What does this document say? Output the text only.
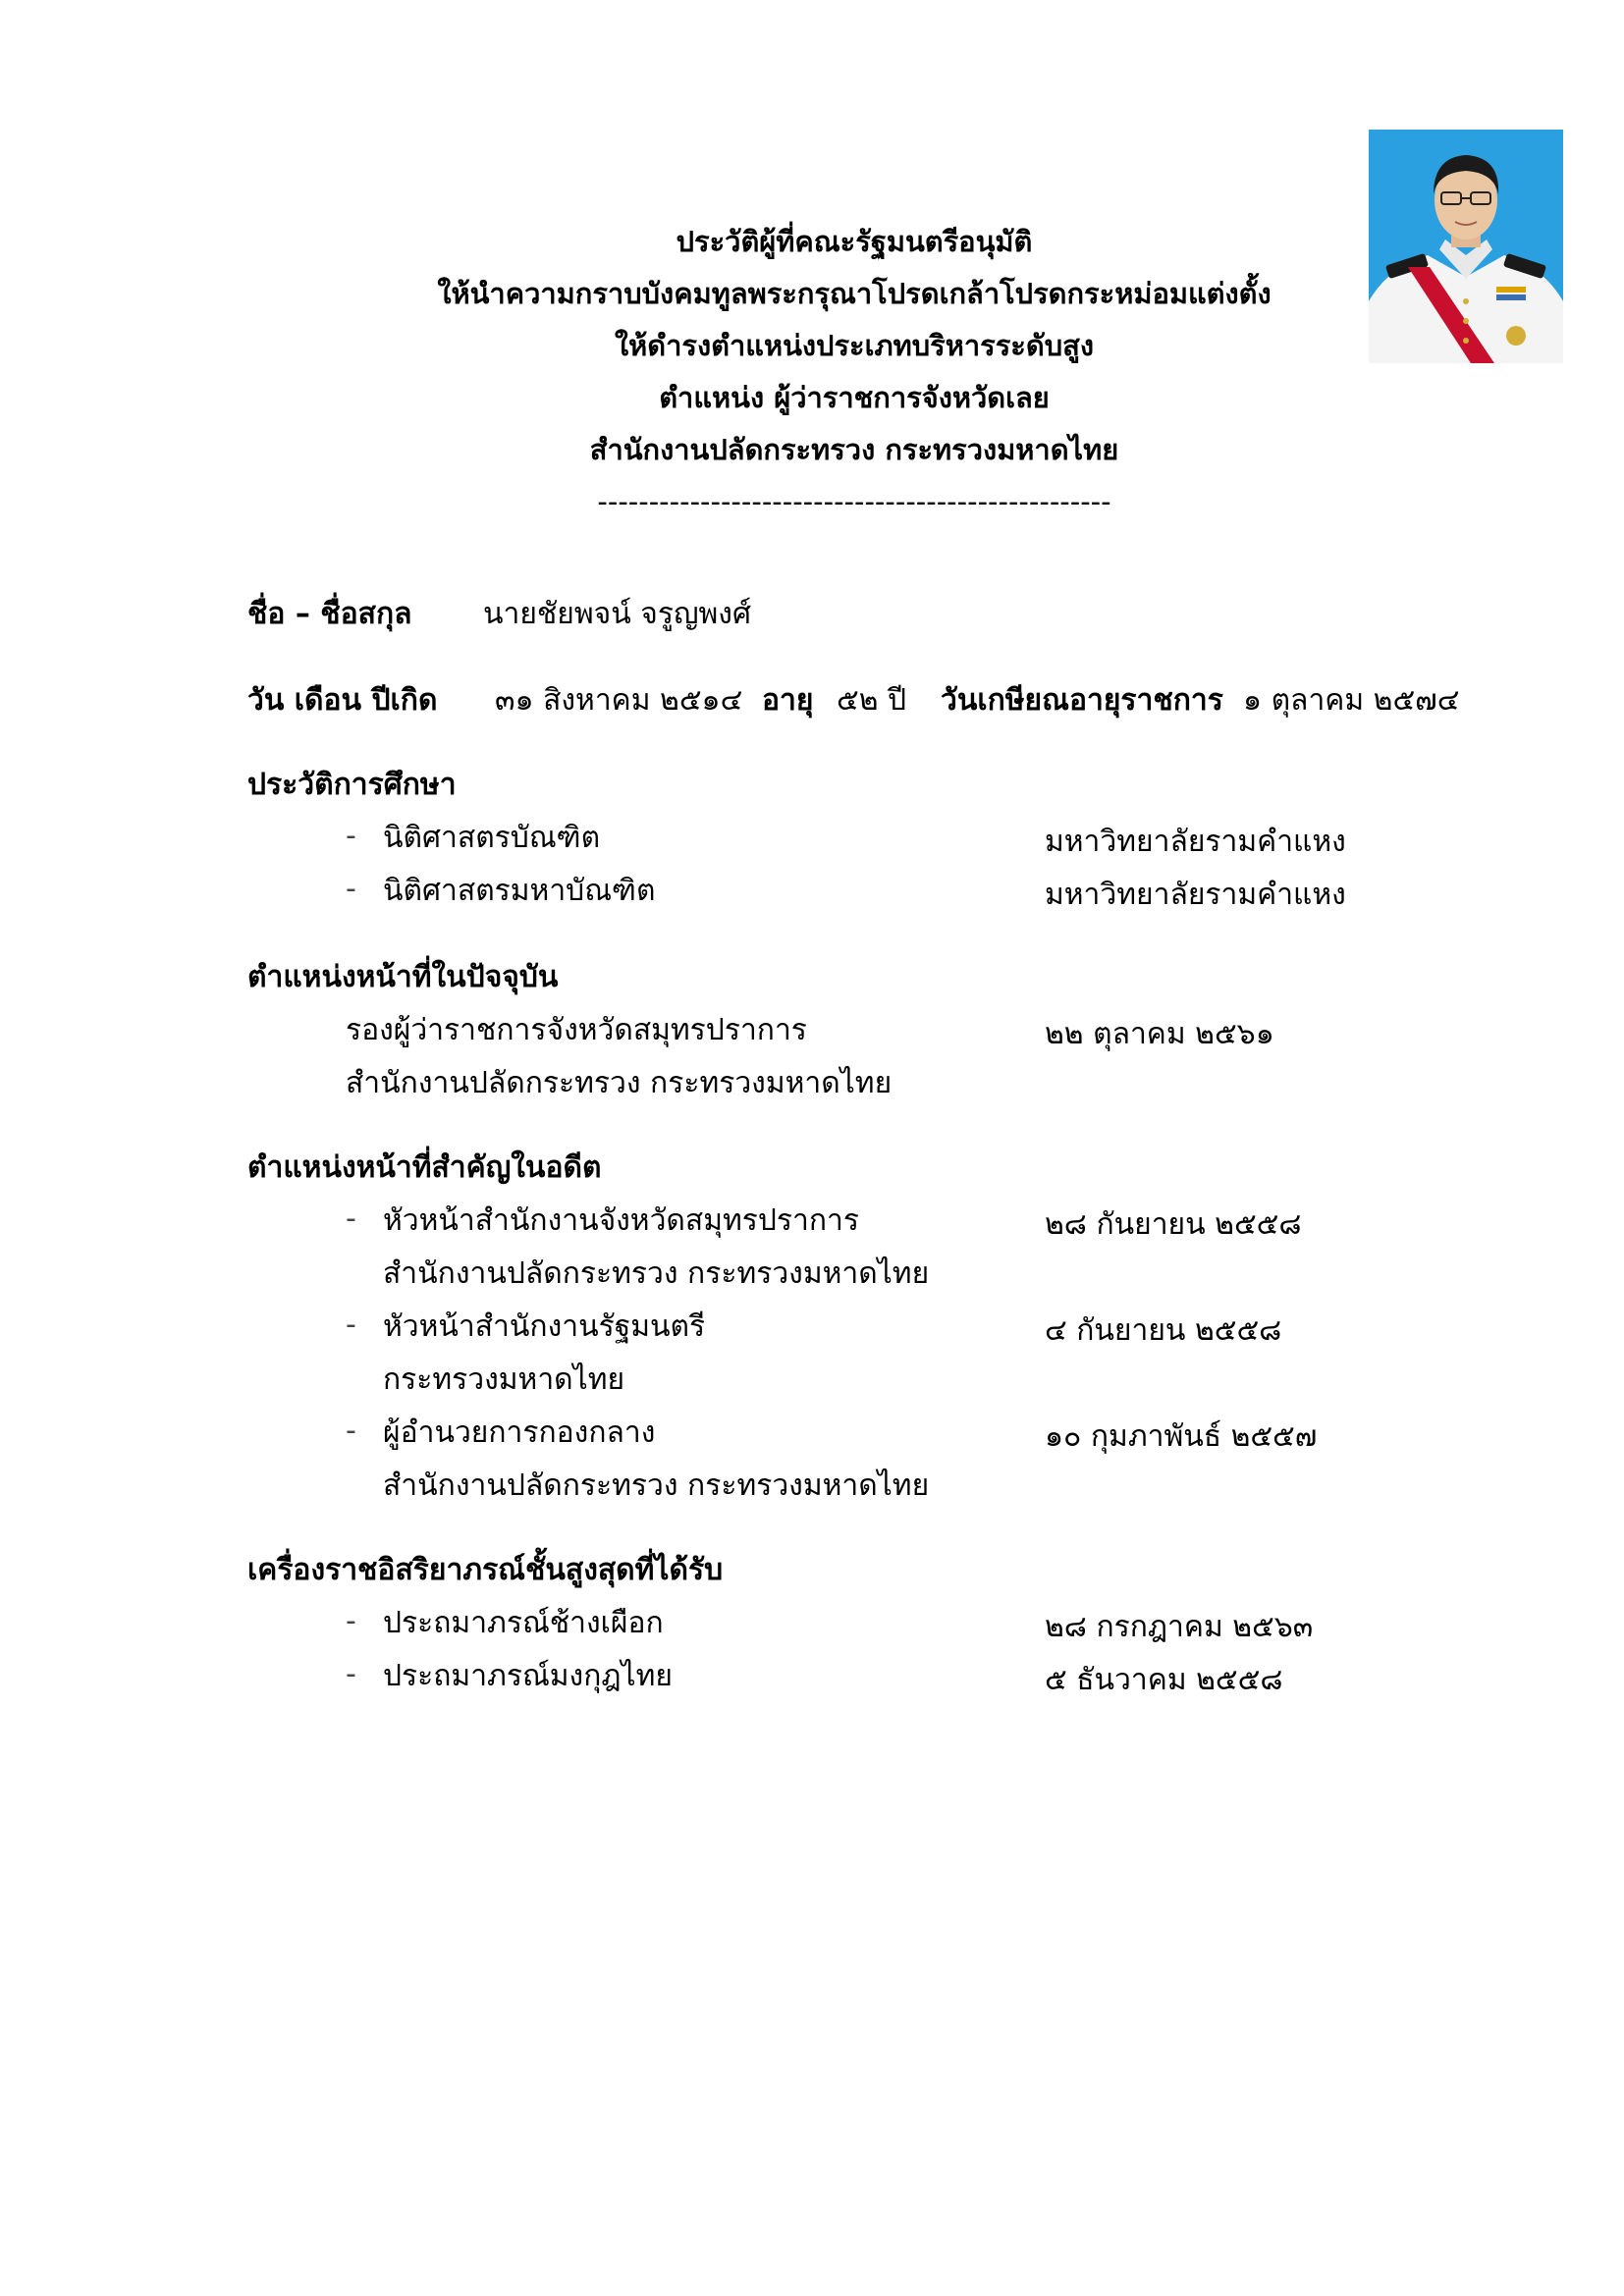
ประวัติผู้ที่คณะรัฐมนตรีอนุมัติ
ให้นำความกราบบังคมทูลพระกรุณาโปรดเกล้าโปรดกระหม่อมแต่งตั้ง
ให้ดำรงตำแหน่งประเภทบริหารระดับสูง
ตำแหน่ง ผู้ว่าราชการจังหวัดเลย
สำนักงานปลัดกระทรวง กระทรวงมหาดไทย
--------------------------------------------------
ชื่อ – ชื่อสกุล นายชัยพจน์ จรูญพงศ์
วัน เดือน ปีเกิด ๓๑ สิงหาคม ๒๕๑๔ อายุ ๕๒ ปี วันเกษียณอายุราชการ ๑ ตุลาคม ๒๕๗๔
ประวัติการศึกษา
- นิติศาสตรบัณฑิต	มหาวิทยาลัยรามคำแหง
- นิติศาสตรมหาบัณฑิต	มหาวิทยาลัยรามคำแหง
ตำแหน่งหน้าที่ในปัจจุบัน
รองผู้ว่าราชการจังหวัดสมุทรปราการ	๒๒ ตุลาคม ๒๕๖๑
สำนักงานปลัดกระทรวง กระทรวงมหาดไทย
ตำแหน่งหน้าที่สำคัญในอดีต
- หัวหน้าสำนักงานจังหวัดสมุทรปราการ	๒๘ กันยายน ๒๕๕๘
สำนักงานปลัดกระทรวง กระทรวงมหาดไทย
- หัวหน้าสำนักงานรัฐมนตรี	๔ กันยายน ๒๕๕๘
กระทรวงมหาดไทย
- ผู้อำนวยการกองกลาง	๑๐ กุมภาพันธ์ ๒๕๕๗
สำนักงานปลัดกระทรวง กระทรวงมหาดไทย
เครื่องราชอิสริยาภรณ์ชั้นสูงสุดที่ได้รับ
- ประถมาภรณ์ช้างเผือก	๒๘ กรกฎาคม ๒๕๖๓
- ประถมาภรณ์มงกุฎไทย	๕ ธันวาคม ๒๕๕๘
